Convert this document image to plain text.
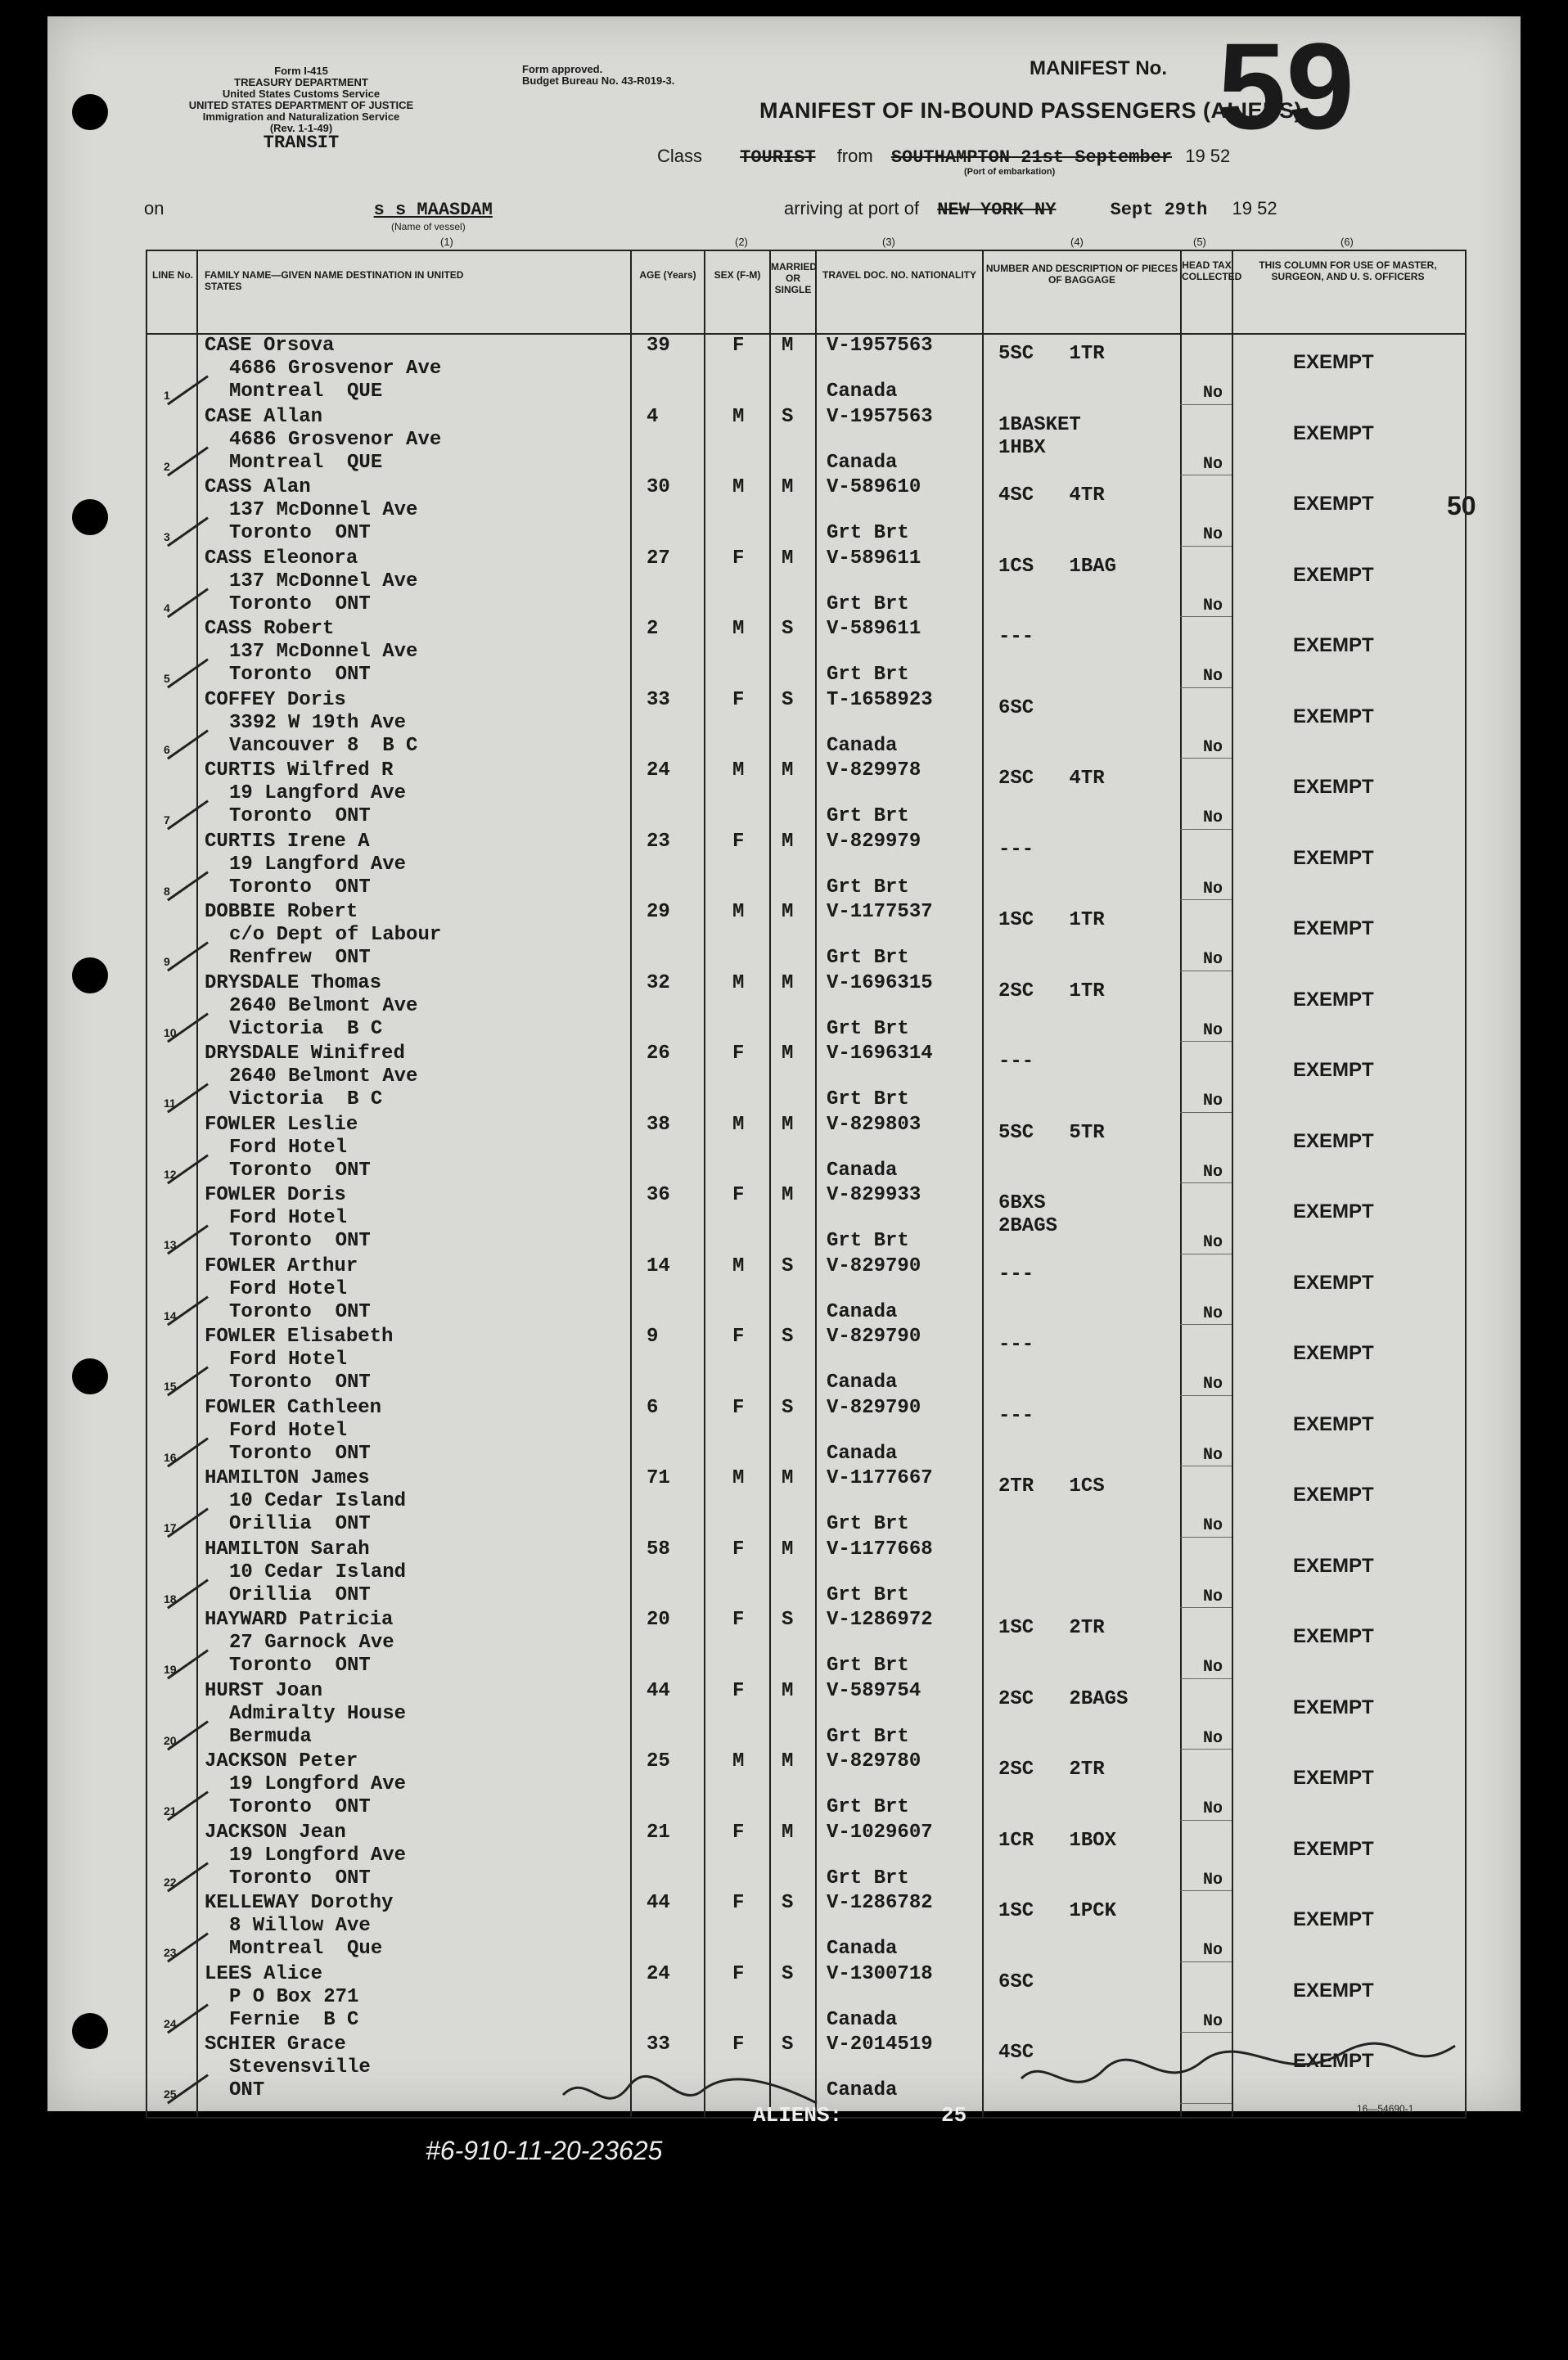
Form I-415
TREASURY DEPARTMENT
United States Customs Service
UNITED STATES DEPARTMENT OF JUSTICE
Immigration and Naturalization Service
(Rev. 1-1-49)
TRANSIT
Form approved.
Budget Bureau No. 43-R019-3.
MANIFEST No. 59
MANIFEST OF IN-BOUND PASSENGERS (ALIENS)
Class TOURIST from SOUTHAMPTON 21st September 19 52
(Port of embarkation)
on	s s MAASDAM
(Name of vessel)
arriving at port of NEW YORK NY	Sept 29th 19 52
(1)	(2)	(3)	(4)	(5)	(6)
50
LINE No.	FAMILY NAME—GIVEN NAME DESTINATION IN UNITED STATES
AGE (Years)	SEX (F-M)
MARRIED OR SINGLE
TRAVEL DOC. NO. NATIONALITY
NUMBER AND DESCRIPTION OF PIECES OF BAGGAGE
HEAD TAX COLLECTED
THIS COLUMN FOR USE OF MASTER, SURGEON, AND U. S. OFFICERS
1
CASE Orsova
4686 Grosvenor Ave
Montreal  QUE
39	F M V-1957563
Canada
5SC   1TR
No
EXEMPT
2
CASE Allan
4686 Grosvenor Ave
Montreal  QUE
4	M S V-1957563
Canada
1BASKET
1HBX
No
EXEMPT
3
CASS Alan
137 McDonnel Ave
Toronto  ONT
30	M M V-589610
Grt Brt
4SC   4TR
No
EXEMPT
4
CASS Eleonora
137 McDonnel Ave
Toronto  ONT
27	F M V-589611
Grt Brt
1CS   1BAG
No
EXEMPT
5
CASS Robert
137 McDonnel Ave
Toronto  ONT
2	M S V-589611
Grt Brt
---
No
EXEMPT
6
COFFEY Doris
3392 W 19th Ave
Vancouver 8  B C
33	F S T-1658923
Canada
6SC
No
EXEMPT
7
CURTIS Wilfred R
19 Langford Ave
Toronto  ONT
24	M M V-829978
Grt Brt
2SC   4TR
No
EXEMPT
8
CURTIS Irene A
19 Langford Ave
Toronto  ONT
23	F M V-829979
Grt Brt
---
No
EXEMPT
9
DOBBIE Robert
c/o Dept of Labour
Renfrew  ONT
29	M M V-1177537
Grt Brt
1SC   1TR
No
EXEMPT
10
DRYSDALE Thomas
2640 Belmont Ave
Victoria  B C
32	M M V-1696315
Grt Brt
2SC   1TR
No
EXEMPT
11
DRYSDALE Winifred
2640 Belmont Ave
Victoria  B C
26	F M V-1696314
Grt Brt
---
No
EXEMPT
12
FOWLER Leslie
Ford Hotel
Toronto  ONT
38	M M V-829803
Canada
5SC   5TR
No
EXEMPT
13
FOWLER Doris
Ford Hotel
Toronto  ONT
36	F M V-829933
Grt Brt
6BXS
2BAGS
No
EXEMPT
14
FOWLER Arthur
Ford Hotel
Toronto  ONT
14	M S V-829790
Canada
---
No
EXEMPT
15
FOWLER Elisabeth
Ford Hotel
Toronto  ONT
9	F S V-829790
Canada
---
No
EXEMPT
16
FOWLER Cathleen
Ford Hotel
Toronto  ONT
6	F S V-829790
Canada
---
No
EXEMPT
17
HAMILTON James
10 Cedar Island
Orillia  ONT
71	M M V-1177667
Grt Brt
2TR   1CS
No
EXEMPT
18
HAMILTON Sarah
10 Cedar Island
Orillia  ONT
58	F M V-1177668
Grt Brt	No
EXEMPT
19
HAYWARD Patricia
27 Garnock Ave
Toronto  ONT
20	F S V-1286972
Grt Brt
1SC   2TR
No
EXEMPT
20
HURST Joan
Admiralty House
Bermuda
44	F M V-589754
Grt Brt
2SC   2BAGS
No
EXEMPT
21
JACKSON Peter
19 Longford Ave
Toronto  ONT
25	M M V-829780
Grt Brt
2SC   2TR
No
EXEMPT
22
JACKSON Jean
19 Longford Ave
Toronto  ONT
21	F M V-1029607
Grt Brt
1CR   1BOX
No
EXEMPT
23
KELLEWAY Dorothy
8 Willow Ave
Montreal  Que
44	F S V-1286782
Canada
1SC   1PCK
No
EXEMPT
24
LEES Alice
P O Box 271
Fernie  B C
24	F S V-1300718
Canada
6SC
No
EXEMPT
25
SCHIER Grace
Stevensville
ONT
33	F S V-2014519
Canada
4SC	EXEMPT
16—54690-1
ALIENS:	25
#6-910-11-20-23625
